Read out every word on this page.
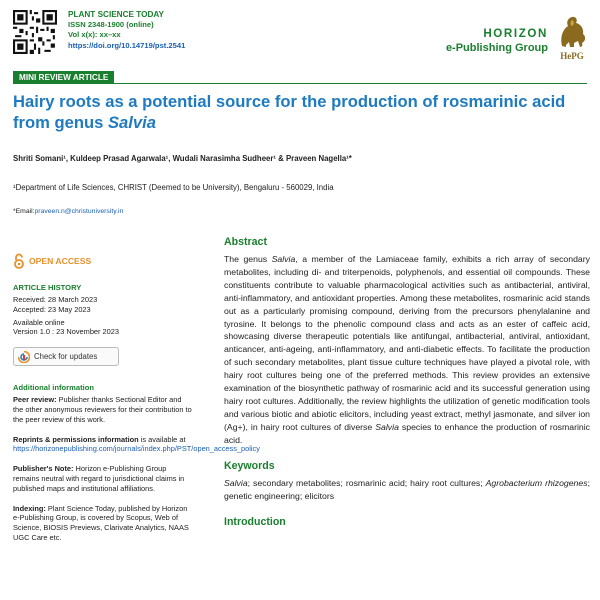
PLANT SCIENCE TODAY
ISSN 2348-1900 (online)
Vol x(x): xx–xx
https://doi.org/10.14719/pst.2541
HORIZON
e-Publishing Group
HePG
MINI REVIEW ARTICLE
Hairy roots as a potential source for the production of rosmarinic acid from genus Salvia
Shriti Somani¹, Kuldeep Prasad Agarwala¹, Wudali Narasimha Sudheer¹ & Praveen Nagella¹*
¹Department of Life Sciences, CHRIST (Deemed to be University), Bengaluru - 560029, India
*Email:praveen.n@christuniversity.in
OPEN ACCESS
ARTICLE HISTORY
Received: 28 March 2023
Accepted: 23 May 2023
Available online
Version 1.0 : 23 November 2023
Check for updates
Additional information
Peer review: Publisher thanks Sectional Editor and the other anonymous reviewers for their contribution to the peer review of this work.
Reprints & permissions information is available at https://horizonepublishing.com/journals/index.php/PST/open_access_policy
Publisher's Note: Horizon e-Publishing Group remains neutral with regard to jurisdictional claims in published maps and institutional affiliations.
Indexing: Plant Science Today, published by Horizon e-Publishing Group, is covered by Scopus, Web of Science, BIOSIS Previews, Clarivate Analytics, NAAS UGC Care etc.
Abstract

The genus Salvia, a member of the Lamiaceae family, exhibits a rich array of secondary metabolites, including di- and triterpenoids, polyphenols, and essential oil compounds. These constituents contribute to valuable pharmacological activities such as antibacterial, antiviral, anti-inflammatory, and antioxidant properties. Among these metabolites, rosmarinic acid stands out as a particularly promising compound, deriving from the precursors phenylalanine and tyrosine. It belongs to the phenolic compound class and acts as an ester of caffeic acid, showcasing diverse therapeutic potentials like antifungal, antibacterial, antiviral, antioxidant, anticancer, anti-ageing, anti-inflammatory, and anti-diabetic effects. To facilitate the production of such secondary metabolites, plant tissue culture techniques have played a pivotal role, with hairy root cultures being one of the preferred methods. This review provides an extensive examination of the biosynthetic pathway of rosmarinic acid and its successful generation using hairy root cultures. Additionally, the review highlights the utilization of genetic modification tools and various biotic and abiotic elicitors, including yeast extract, methyl jasmonate, and silver ion (Ag+), in hairy root cultures of diverse Salvia species to enhance the production of rosmarinic acid.

Keywords

Salvia; secondary metabolites; rosmarinic acid; hairy root cultures; Agrobacterium rhizogenes; genetic engineering; elicitors

Introduction
